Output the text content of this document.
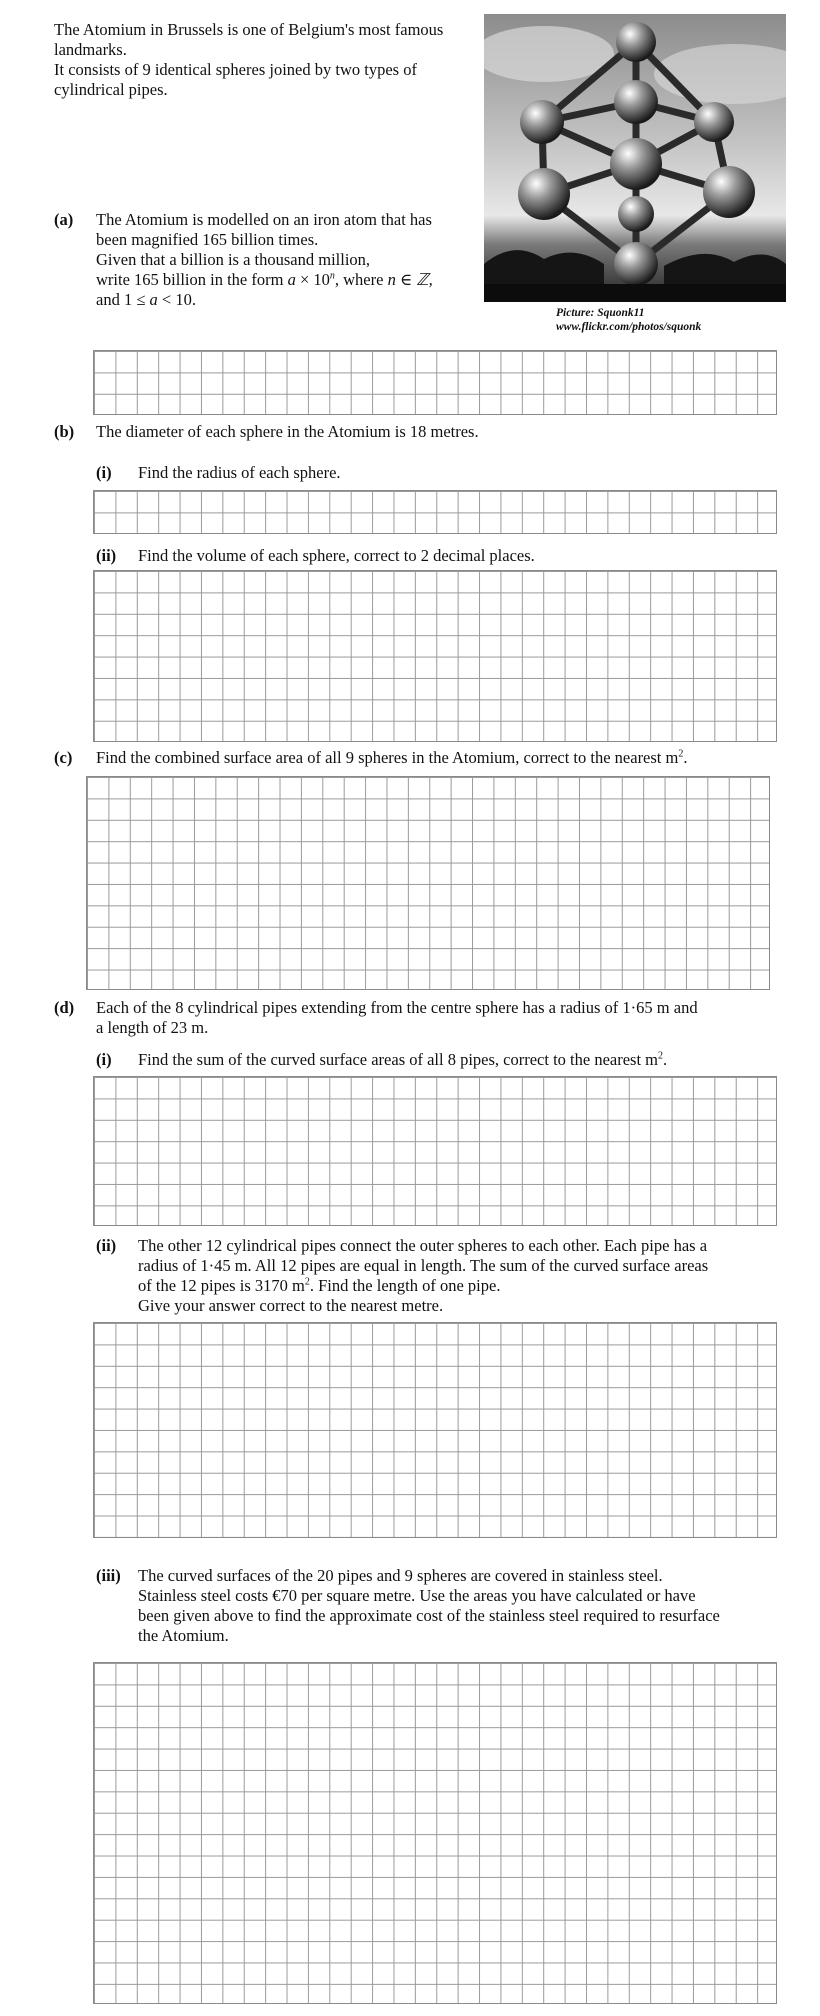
The Atomium in Brussels is one of Belgium's most famous landmarks.

It consists of 9 identical spheres joined by two types of cylindrical pipes.

Picture: Squonk11
www.flickr.com/photos/squonk
(a) The Atomium is modelled on an iron atom that has
been magnified 165 billion times.
Given that a billion is a thousand million,
write 165 billion in the form $a \times 10^n$, where n ∈ ℤ,
and 1 ≤ a < 10.
(b) The diameter of each sphere in the Atomium is 18 metres.
(i) Find the radius of each sphere.
(ii) Find the volume of each sphere, correct to 2 decimal places.
(c) Find the combined surface area of all 9 spheres in the Atomium, correct to the nearest $m^2$.
(d) Each of the 8 cylindrical pipes extending from the centre sphere has a radius of 1·65 m and
a length of 23 m.
(i) Find the sum of the curved surface areas of all 8 pipes, correct to the nearest $m^2$.
(ii) The other 12 cylindrical pipes connect the outer spheres to each other. Each pipe has a
radius of 1·45 m. All 12 pipes are equal in length. The sum of the curved surface areas
of the 12 pipes is 3170 $m^2$. Find the length of one pipe.
Give your answer correct to the nearest metre.
(iii) The curved surfaces of the 20 pipes and 9 spheres are covered in stainless steel.
Stainless steel costs €70 per square metre. Use the areas you have calculated or have
been given above to find the approximate cost of the stainless steel required to resurface
the Atomium.
